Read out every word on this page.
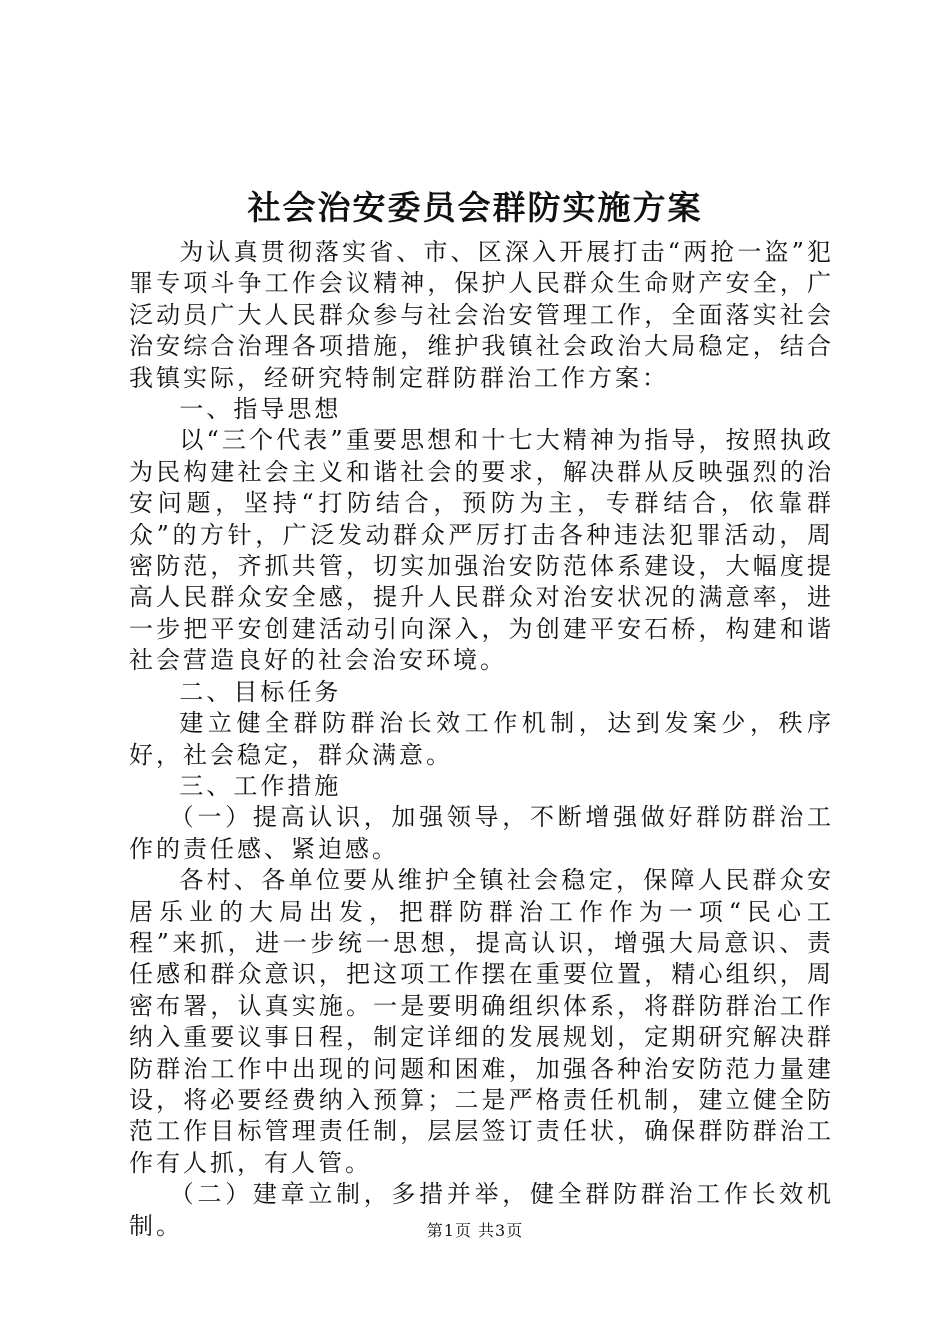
社会治安委员会群防实施方案

为认真贯彻落实省、市、区深入开展打击“两抢一盗”犯罪专项斗争工作会议精神，保护人民群众生命财产安全，广泛动员广大人民群众参与社会治安管理工作，全面落实社会治安综合治理各项措施，维护我镇社会政治大局稳定，结合我镇实际，经研究特制定群防群治工作方案：

一、指导思想

以“三个代表”重要思想和十七大精神为指导，按照执政为民构建社会主义和谐社会的要求，解决群从反映强烈的治安问题，坚持“打防结合，预防为主，专群结合，依靠群众”的方针，广泛发动群众严厉打击各种违法犯罪活动，周密防范，齐抓共管，切实加强治安防范体系建设，大幅度提高人民群众安全感，提升人民群众对治安状况的满意率，进一步把平安创建活动引向深入，为创建平安石桥，构建和谐社会营造良好的社会治安环境。

二、目标任务

建立健全群防群治长效工作机制，达到发案少，秩序好，社会稳定，群众满意。

三、工作措施

（一）提高认识，加强领导，不断增强做好群防群治工作的责任感、紧迫感。

各村、各单位要从维护全镇社会稳定，保障人民群众安居乐业的大局出发，把群防群治工作作为一项“民心工程”来抓，进一步统一思想，提高认识，增强大局意识、责任感和群众意识，把这项工作摆在重要位置，精心组织，周密布署，认真实施。一是要明确组织体系，将群防群治工作纳入重要议事日程，制定详细的发展规划，定期研究解决群防群治工作中出现的问题和困难，加强各种治安防范力量建设，将必要经费纳入预算；二是严格责任机制，建立健全防范工作目标管理责任制，层层签订责任状，确保群防群治工作有人抓，有人管。

（二）建章立制，多措并举，健全群防群治工作长效机制。	第1页 共3页
